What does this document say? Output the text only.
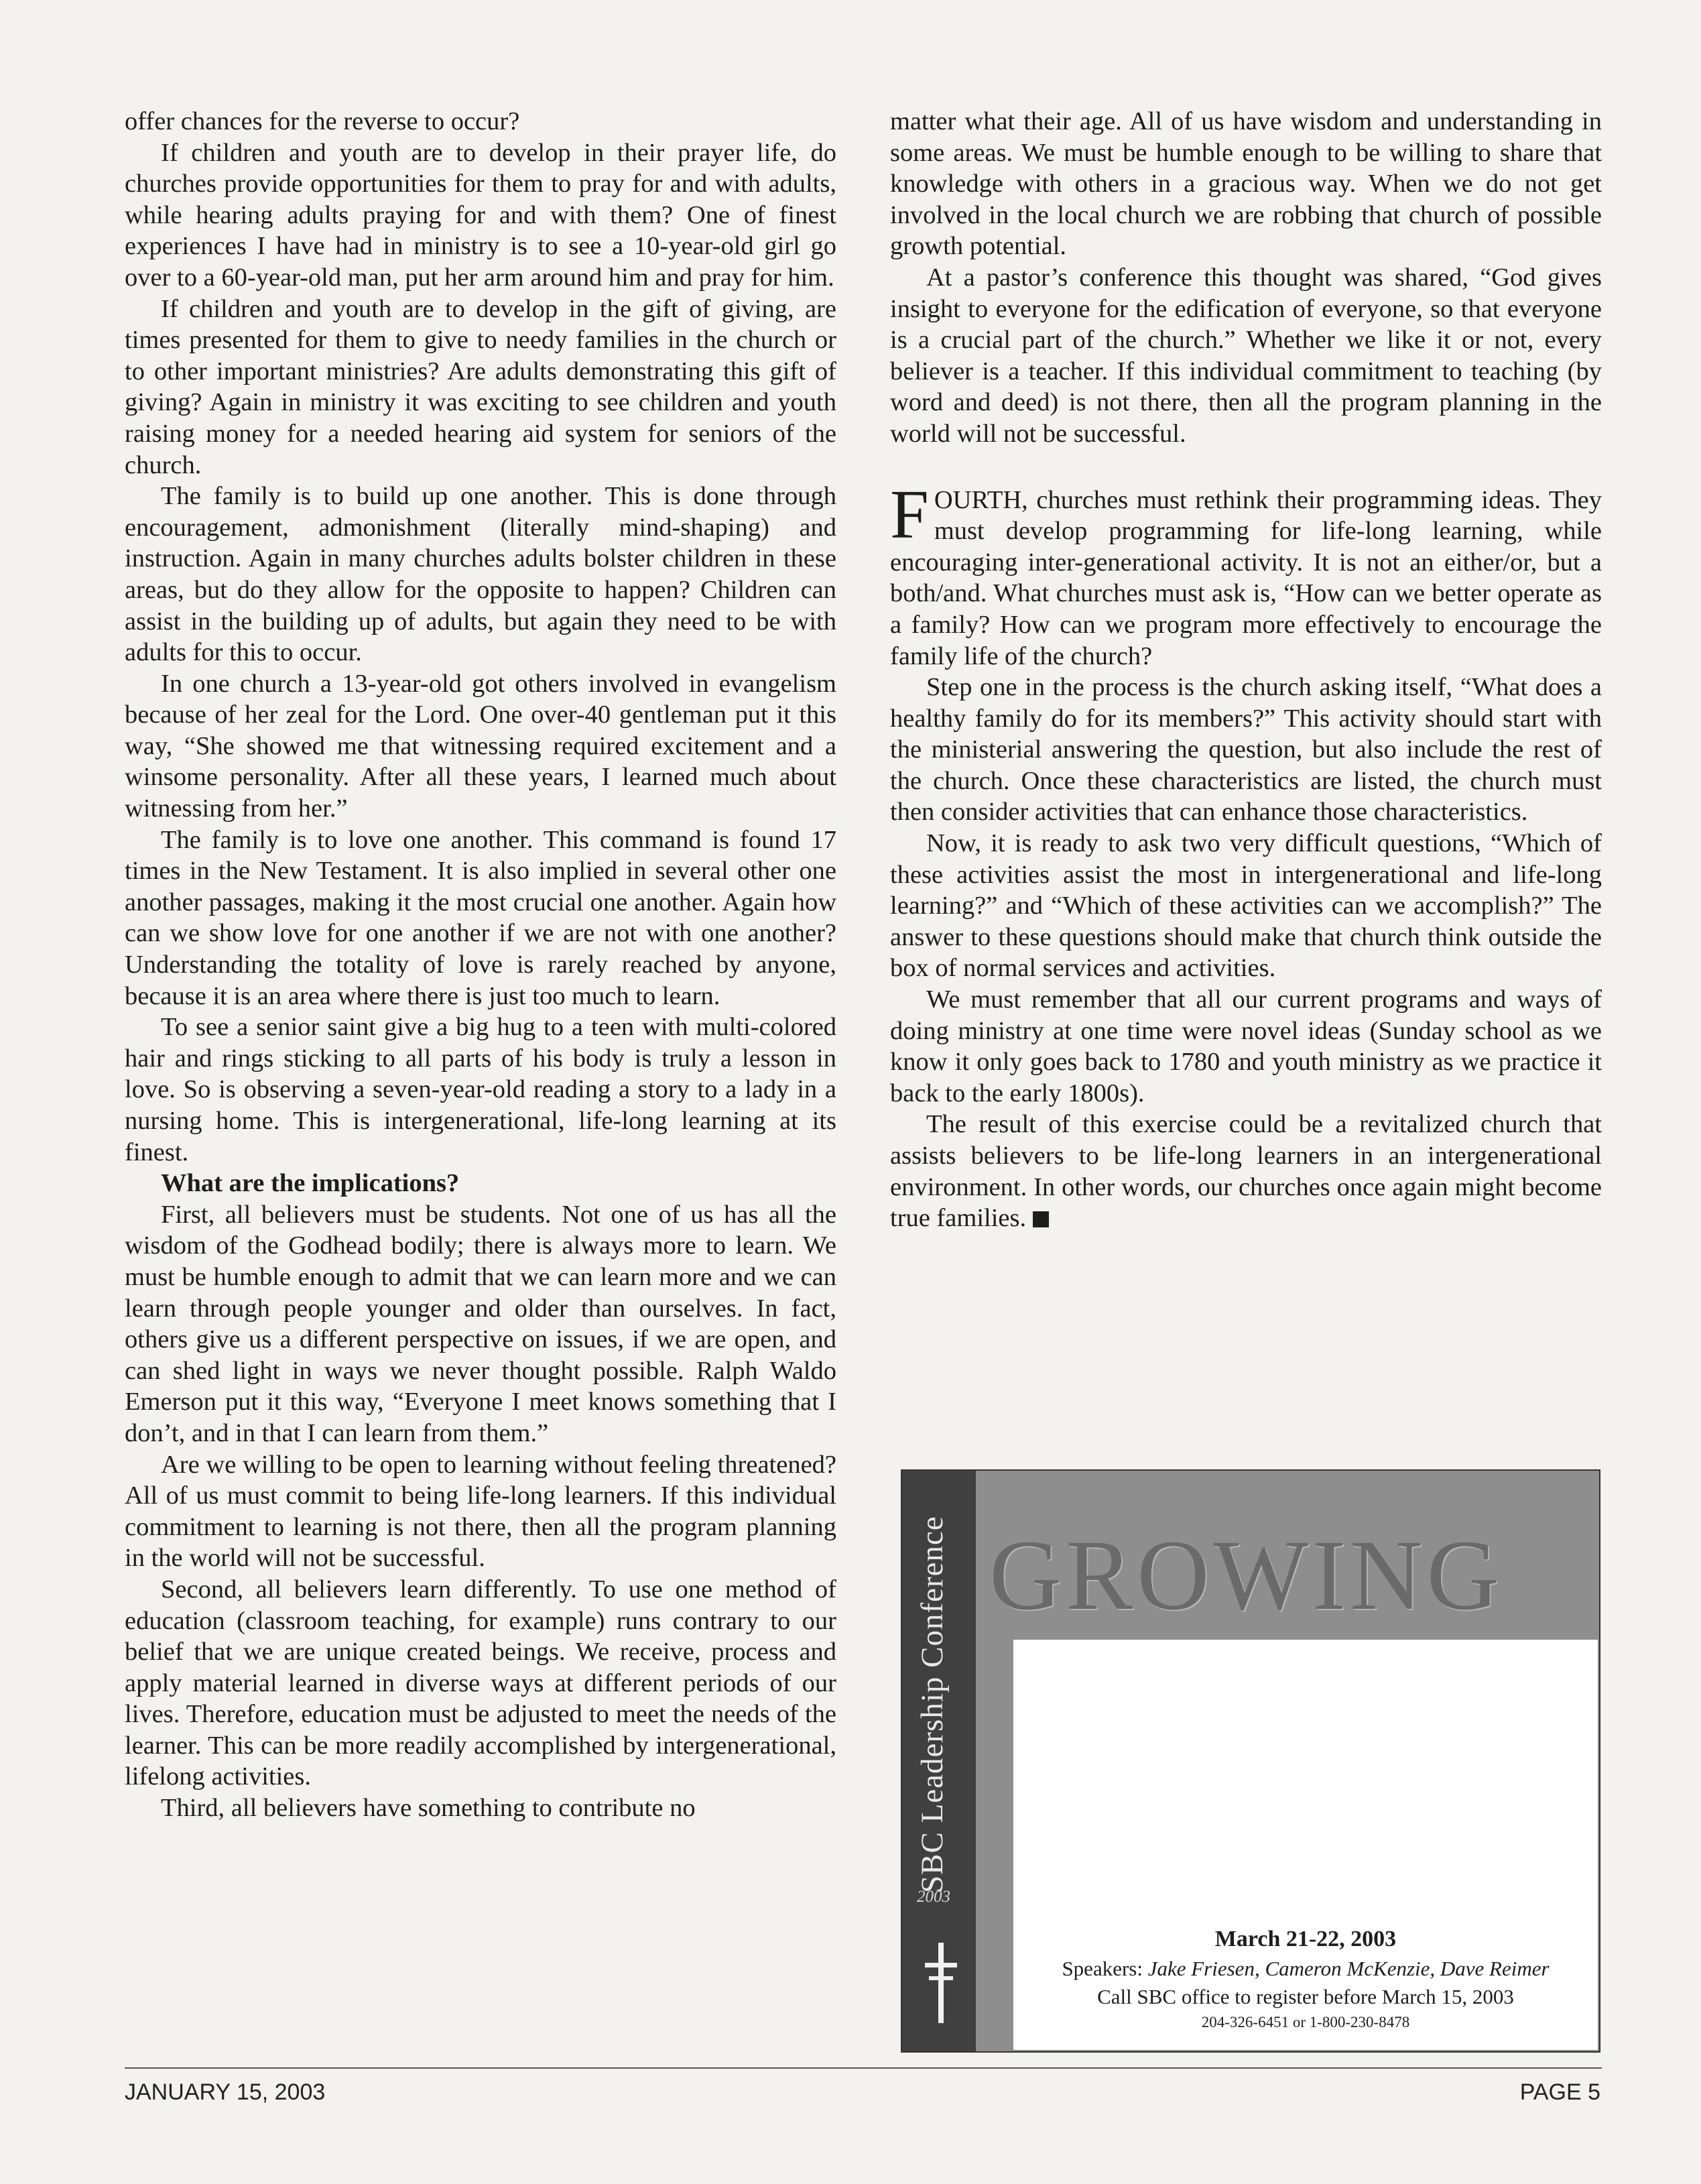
offer chances for the reverse to occur?

If children and youth are to develop in their prayer life, do churches provide opportunities for them to pray for and with adults, while hearing adults praying for and with them? One of finest experiences I have had in ministry is to see a 10-year-old girl go over to a 60-year-old man, put her arm around him and pray for him.

If children and youth are to develop in the gift of giving, are times presented for them to give to needy families in the church or to other important ministries? Are adults demonstrating this gift of giving? Again in ministry it was exciting to see children and youth raising money for a needed hearing aid system for seniors of the church.

The family is to build up one another. This is done through encouragement, admonishment (literally mind-shaping) and instruction. Again in many churches adults bolster children in these areas, but do they allow for the opposite to happen? Children can assist in the building up of adults, but again they need to be with adults for this to occur.

In one church a 13-year-old got others involved in evangelism because of her zeal for the Lord. One over-40 gentleman put it this way, “She showed me that witnessing required excitement and a winsome personality. After all these years, I learned much about witnessing from her.”

The family is to love one another. This command is found 17 times in the New Testament. It is also implied in several other one another passages, making it the most crucial one another. Again how can we show love for one another if we are not with one another? Understanding the totality of love is rarely reached by anyone, because it is an area where there is just too much to learn.

To see a senior saint give a big hug to a teen with multi-colored hair and rings sticking to all parts of his body is truly a lesson in love. So is observing a seven-year-old reading a story to a lady in a nursing home. This is intergenerational, life-long learning at its finest.

What are the implications?

First, all believers must be students. Not one of us has all the wisdom of the Godhead bodily; there is always more to learn. We must be humble enough to admit that we can learn more and we can learn through people younger and older than ourselves. In fact, others give us a different perspective on issues, if we are open, and can shed light in ways we never thought possible. Ralph Waldo Emerson put it this way, “Everyone I meet knows something that I don’t, and in that I can learn from them.”

Are we willing to be open to learning without feeling threatened? All of us must commit to being life-long learners. If this individual commitment to learning is not there, then all the program planning in the world will not be successful.

Second, all believers learn differently. To use one method of education (classroom teaching, for example) runs contrary to our belief that we are unique created beings. We receive, process and apply material learned in diverse ways at different periods of our lives. Therefore, education must be adjusted to meet the needs of the learner. This can be more readily accomplished by intergenerational, lifelong activities.

Third, all believers have something to contribute no

matter what their age. All of us have wisdom and understanding in some areas. We must be humble enough to be willing to share that knowledge with others in a gracious way. When we do not get involved in the local church we are robbing that church of possible growth potential.

At a pastor’s conference this thought was shared, “God gives insight to everyone for the edification of everyone, so that everyone is a crucial part of the church.” Whether we like it or not, every believer is a teacher. If this individual commitment to teaching (by word and deed) is not there, then all the program planning in the world will not be successful.

FOURTH, churches must rethink their programming ideas. They must develop programming for life-long learning, while encouraging inter-generational activity. It is not an either/or, but a both/and. What churches must ask is, “How can we better operate as a family? How can we program more effectively to encourage the family life of the church?

Step one in the process is the church asking itself, “What does a healthy family do for its members?” This activity should start with the ministerial answering the question, but also include the rest of the church. Once these characteristics are listed, the church must then consider activities that can enhance those characteristics.

Now, it is ready to ask two very difficult questions, “Which of these activities assist the most in intergenerational and life-long learning?” and “Which of these activities can we accomplish?” The answer to these questions should make that church think outside the box of normal services and activities.

We must remember that all our current programs and ways of doing ministry at one time were novel ideas (Sunday school as we know it only goes back to 1780 and youth ministry as we practice it back to the early 1800s).

The result of this exercise could be a revitalized church that assists believers to be life-long learners in an intergenerational environment. In other words, our churches once again might become true families.

SBC Leadership Conference
2003
GROWING
March 21-22, 2003
Speakers: Jake Friesen, Cameron McKenzie, Dave Reimer
Call SBC office to register before March 15, 2003
204-326-6451 or 1-800-230-8478
JANUARY 15, 2003	PAGE 5
